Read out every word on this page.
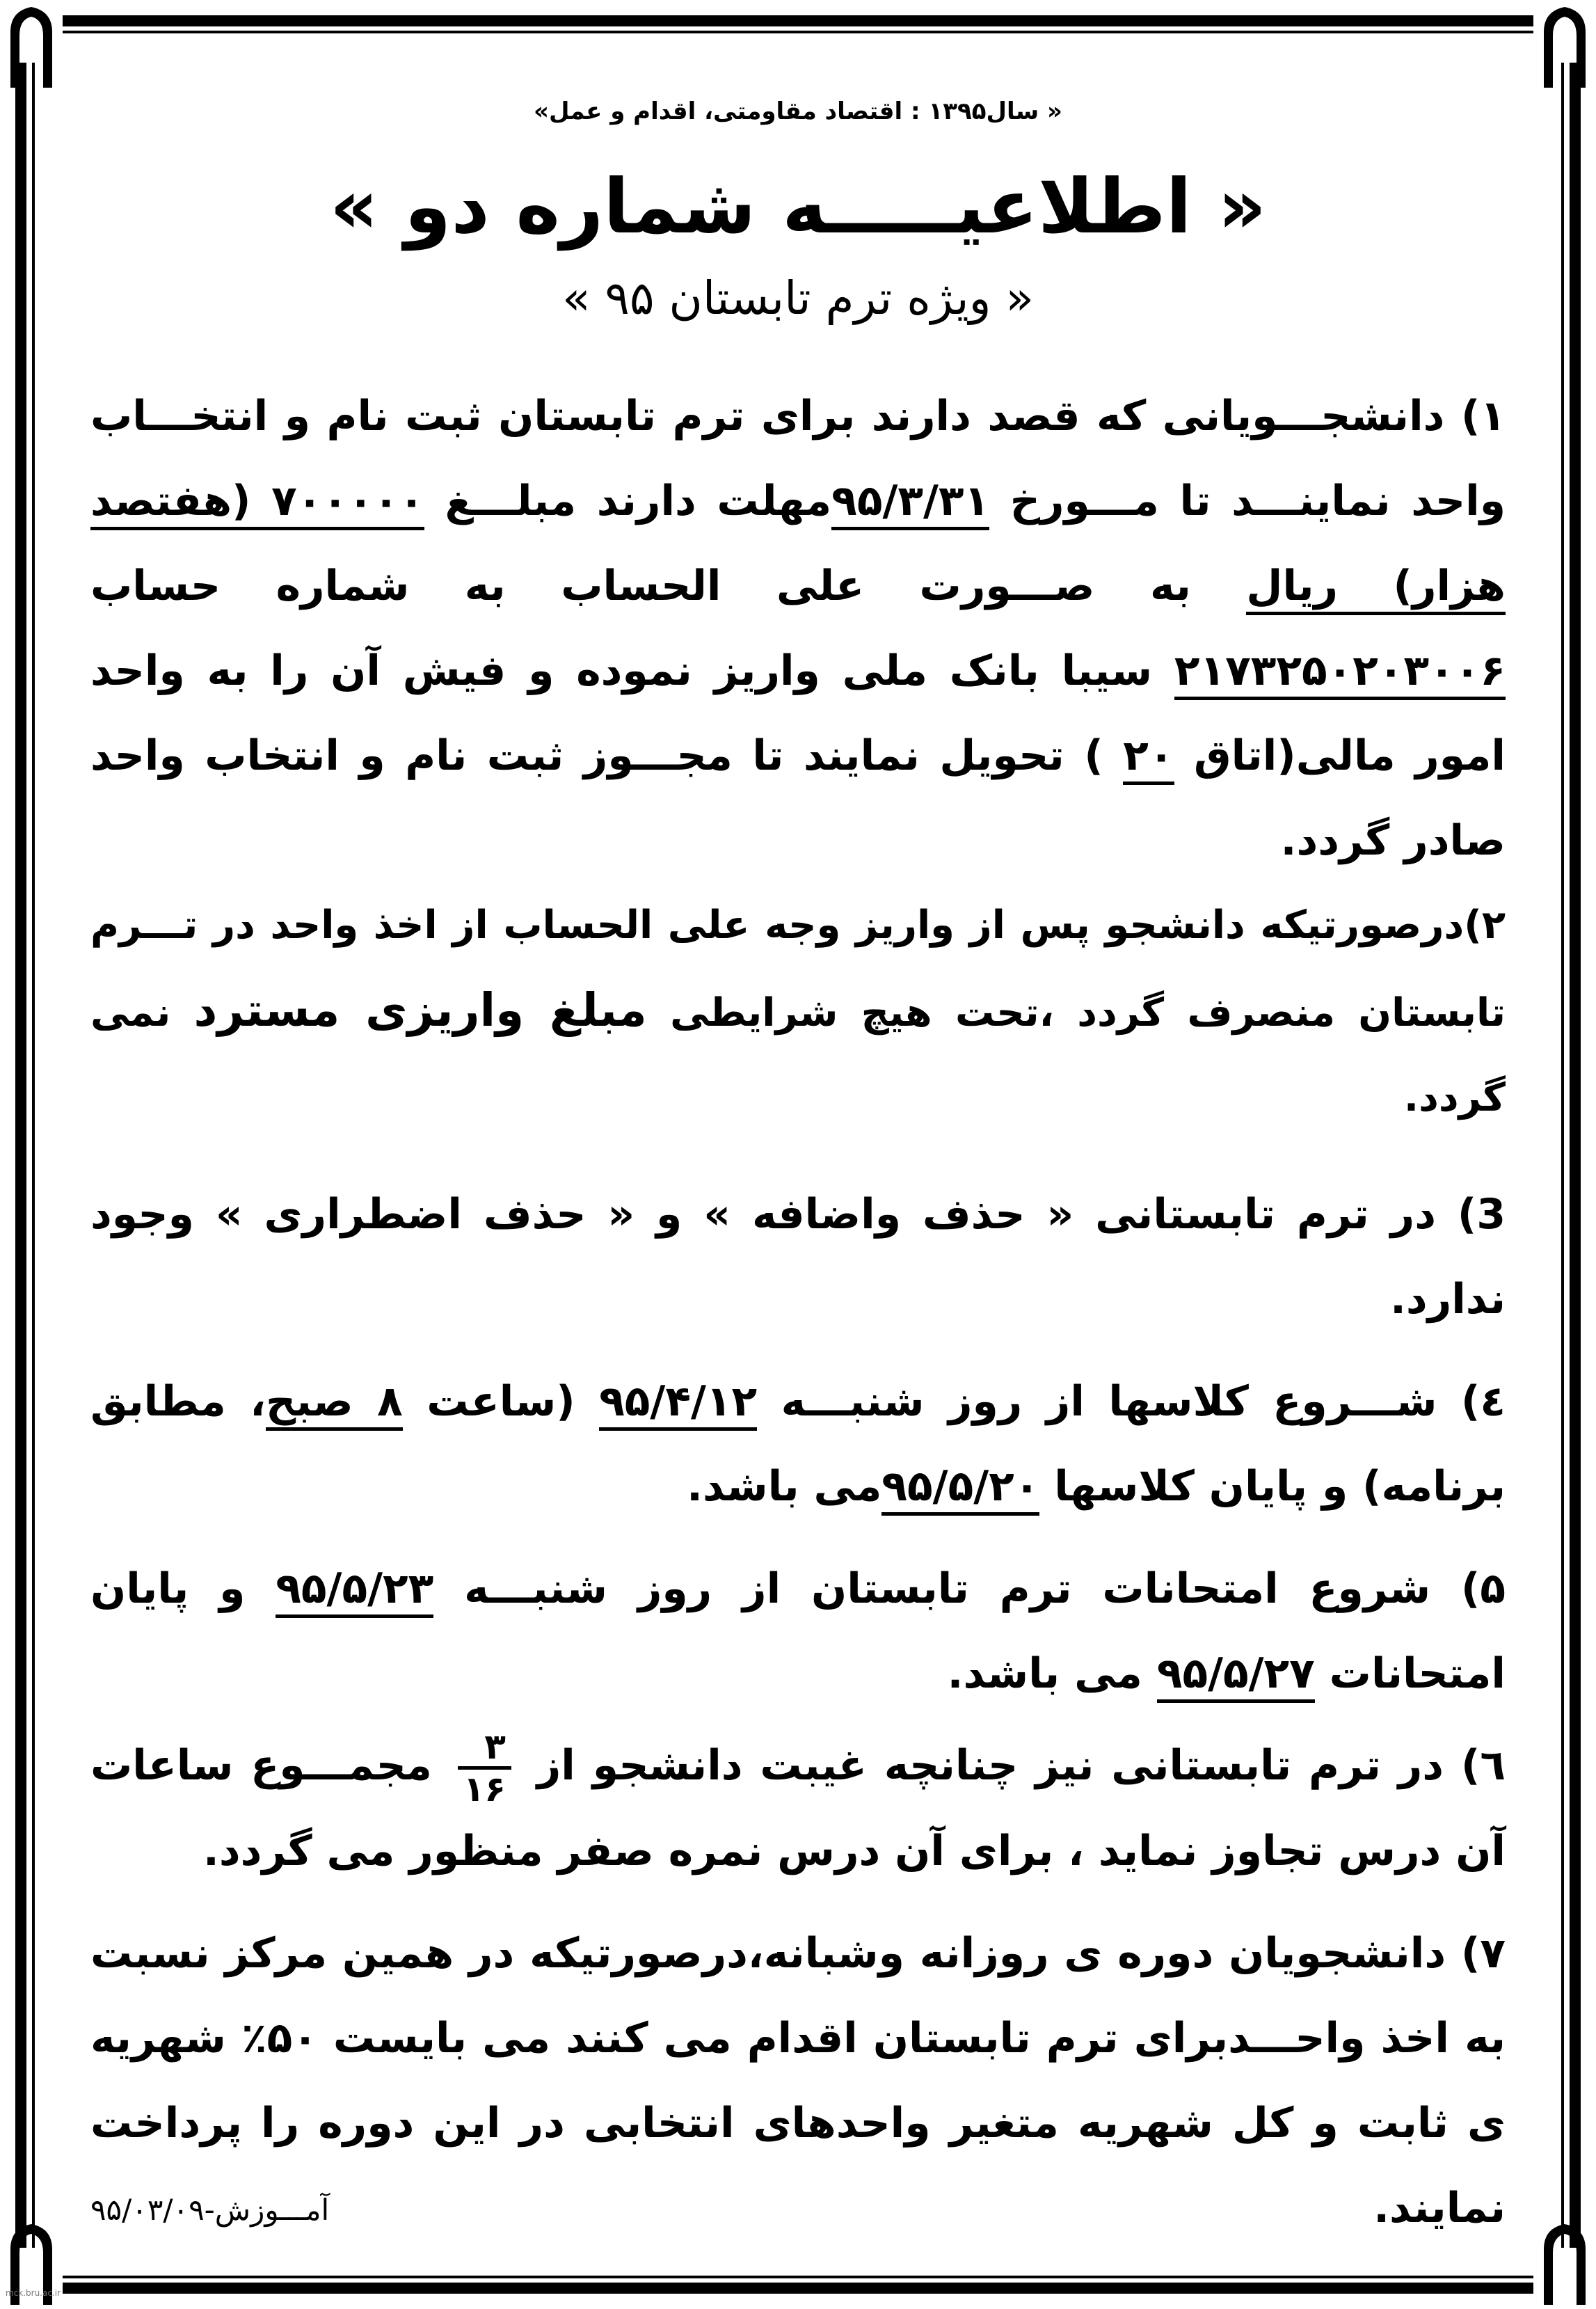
« سال۱۳۹۵ : اقتصاد مقاومتی، اقدام و عمل»
« اطلاعیـــــه شماره دو »
« ویژه ترم تابستان ۹۵ »
۱) دانشجـــویانی که قصد دارند برای ترم تابستان ثبت نام و انتخـــاب واحد نماینـــد تا مـــورخ ۹۵/۳/۳۱مهلت دارند مبلـــغ ۷۰۰۰۰۰ (هفتصد هزار) ریال به صـــورت علی الحساب به شماره حساب ۲۱۷۳۲۵۰۲۰۳۰۰۶ سیبا بانک ملی واریز نموده و فیش آن را به واحد امور مالی(اتاق ۲۰ ) تحویل نمایند تا مجـــوز ثبت نام و انتخاب واحد صادر گردد.
۲)درصورتیکه دانشجو پس از واریز وجه علی الحساب از اخذ واحد در تـــرم تابستان منصرف گردد ،تحت هیچ شرایطی مبلغ واریزی مسترد نمی گردد.
3) در ترم تابستانی « حذف واضافه » و « حذف اضطراری » وجود ندارد.
٤) شـــروع کلاسها از روز شنبـــه ۹۵/۴/۱۲ (ساعت ۸ صبح، مطابق برنامه) و پایان کلاسها ۹۵/۵/۲۰می باشد.
۵) شروع امتحانات ترم تابستان از روز شنبـــه ۹۵/۵/۲۳ و پایان امتحانات ۹۵/۵/۲۷ می باشد.
٦) در ترم تابستانی نیز چنانچه غیبت دانشجو از
$\frac{۳}{۱۶}$
مجمـــوع ساعات آن درس تجاوز نماید ، برای آن درس نمره صفر منظور می گردد.
۷) دانشجویان دوره ی روزانه وشبانه،درصورتیکه در همین مرکز نسبت به اخذ واحـــدبرای ترم تابستان اقدام می کنند می بایست ۵۰٪ شهریه ی ثابت و کل شهریه متغیر واحدهای انتخابی در این دوره را پرداخت نمایند.
آمـــوزش-۹۵/۰۳/۰۹
mck.bru.ac.ir
